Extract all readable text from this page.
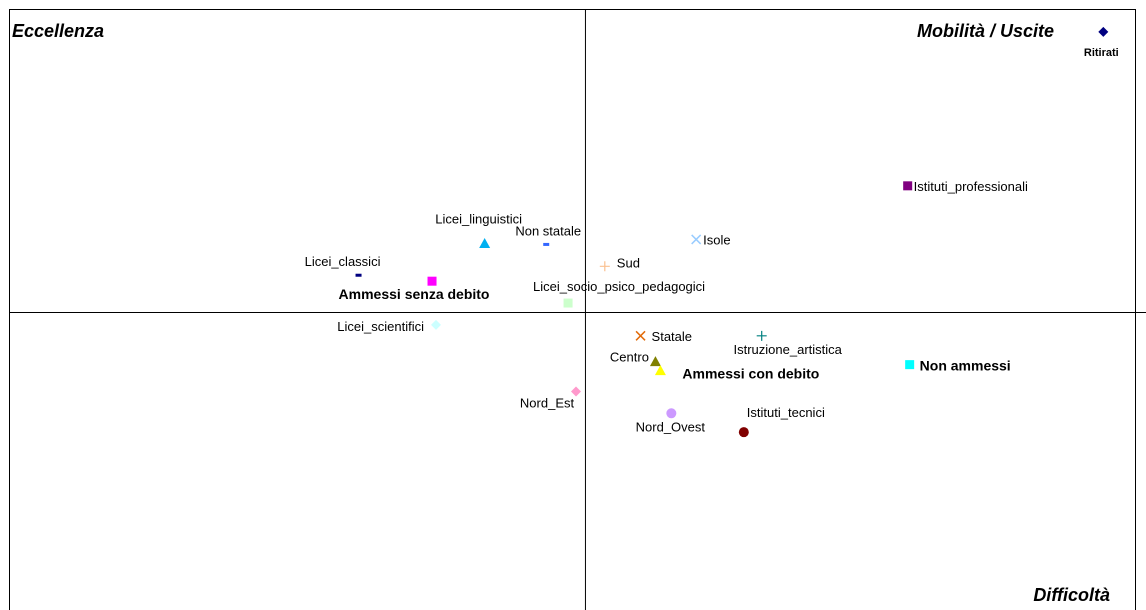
Eccellenza	Mobilità / Uscite
Difficoltà
Ritirati
Istituti_professionali
Isole
Non statale
Licei_linguistici
Sud
Licei_classici
Ammessi senza debito	Licei_socio_psico_pedagogici
Licei_scientifici
Statale
Istruzione_artistica
Centro
Ammessi con debito	Non ammessi
Nord_Est
Nord_Ovest
Istituti_tecnici
